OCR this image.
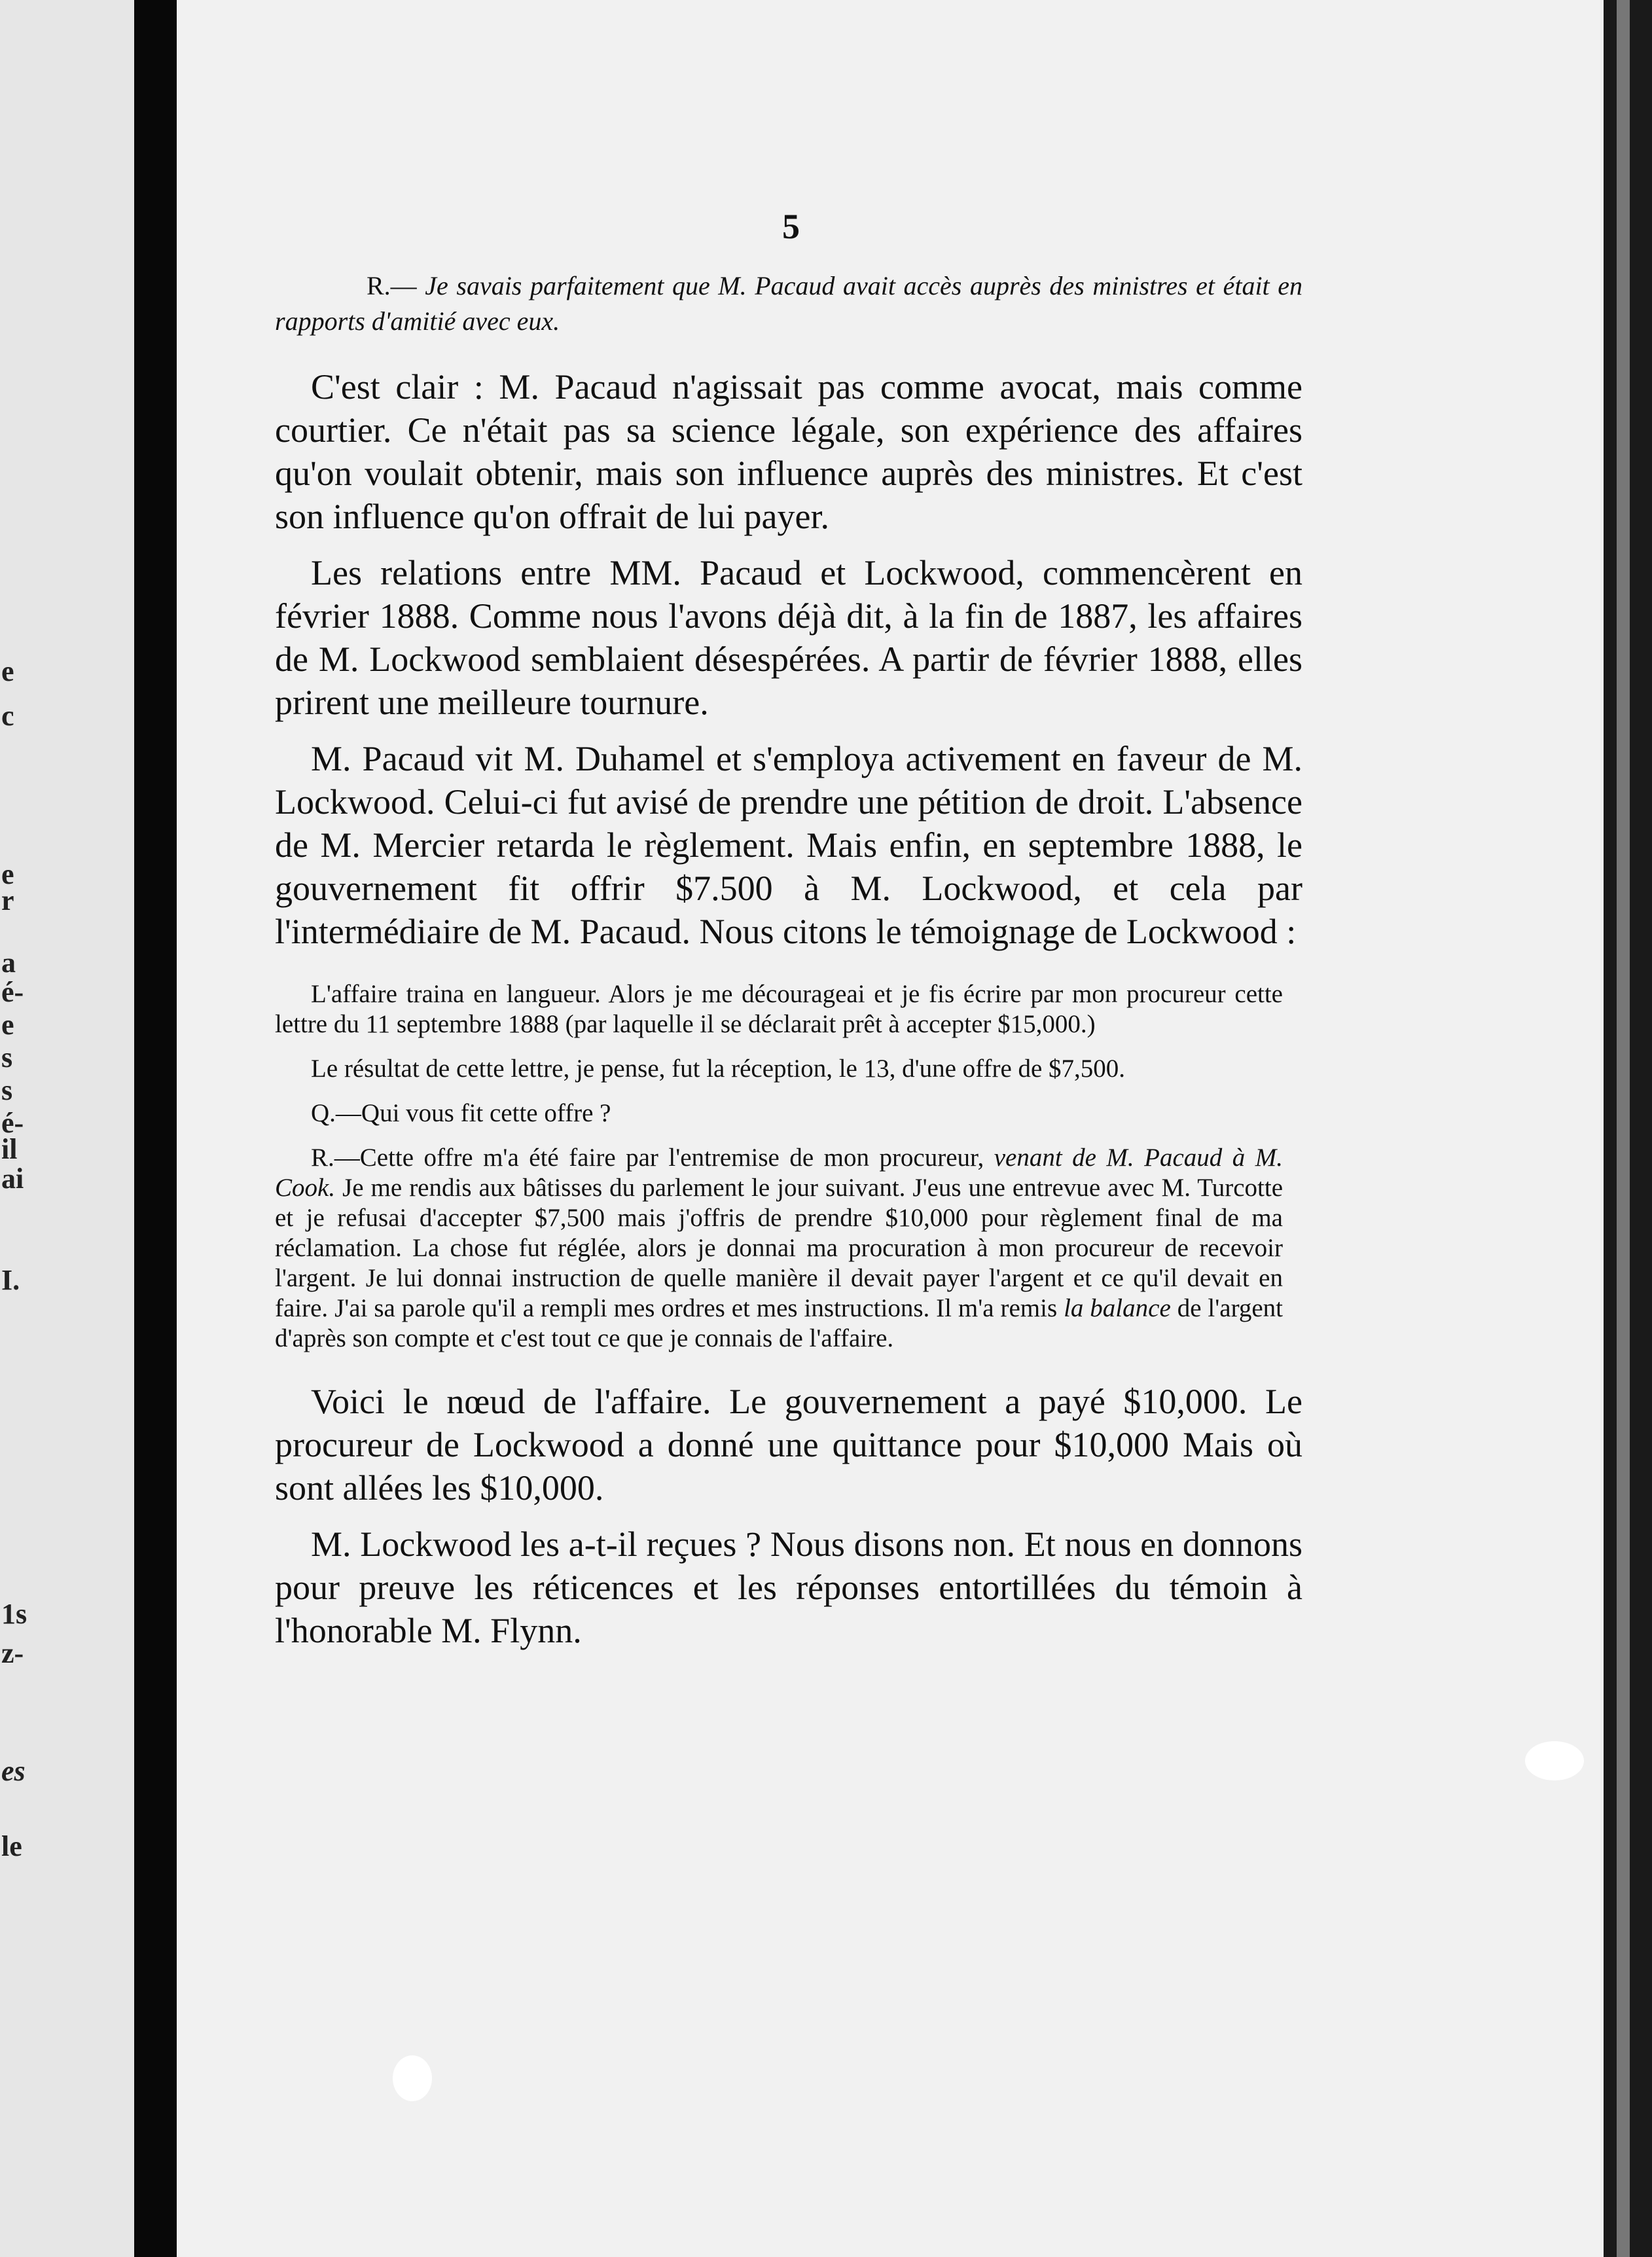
e
c
e
r
a
é-
e
s
s
é-
il
ai
I.
1s
z-
es
le
5

R.— Je savais parfaitement que M. Pacaud avait accès auprès des ministres et était en rapports d'amitié avec eux.

C'est clair : M. Pacaud n'agissait pas comme avocat, mais comme courtier. Ce n'était pas sa science légale, son expérience des affaires qu'on voulait obtenir, mais son influence auprès des ministres. Et c'est son influence qu'on offrait de lui payer.

Les relations entre MM. Pacaud et Lockwood, commencèrent en février 1888. Comme nous l'avons déjà dit, à la fin de 1887, les affaires de M. Lockwood semblaient désespérées. A partir de février 1888, elles prirent une meilleure tournure.

M. Pacaud vit M. Duhamel et s'employa activement en faveur de M. Lockwood. Celui-ci fut avisé de prendre une pétition de droit. L'absence de M. Mercier retarda le règlement. Mais enfin, en septembre 1888, le gouvernement fit offrir $7.500 à M. Lockwood, et cela par l'intermédiaire de M. Pacaud. Nous citons le témoignage de Lockwood :

L'affaire traina en langueur. Alors je me décourageai et je fis écrire par mon procureur cette lettre du 11 septembre 1888 (par laquelle il se déclarait prêt à accepter $15,000.)

Le résultat de cette lettre, je pense, fut la réception, le 13, d'une offre de $7,500.

Q.—Qui vous fit cette offre ?

R.—Cette offre m'a été faire par l'entremise de mon procureur, venant de M. Pacaud à M. Cook. Je me rendis aux bâtisses du parlement le jour suivant. J'eus une entrevue avec M. Turcotte et je refusai d'accepter $7,500 mais j'offris de prendre $10,000 pour règlement final de ma réclamation. La chose fut réglée, alors je donnai ma procuration à mon procureur de recevoir l'argent. Je lui donnai instruction de quelle manière il devait payer l'argent et ce qu'il devait en faire. J'ai sa parole qu'il a rempli mes ordres et mes instructions. Il m'a remis la balance de l'argent d'après son compte et c'est tout ce que je connais de l'affaire.

Voici le nœud de l'affaire. Le gouvernement a payé $10,000. Le procureur de Lockwood a donné une quittance pour $10,000 Mais où sont allées les $10,000.

M. Lockwood les a-t-il reçues ? Nous disons non. Et nous en donnons pour preuve les réticences et les réponses entortillées du témoin à l'honorable M. Flynn.
